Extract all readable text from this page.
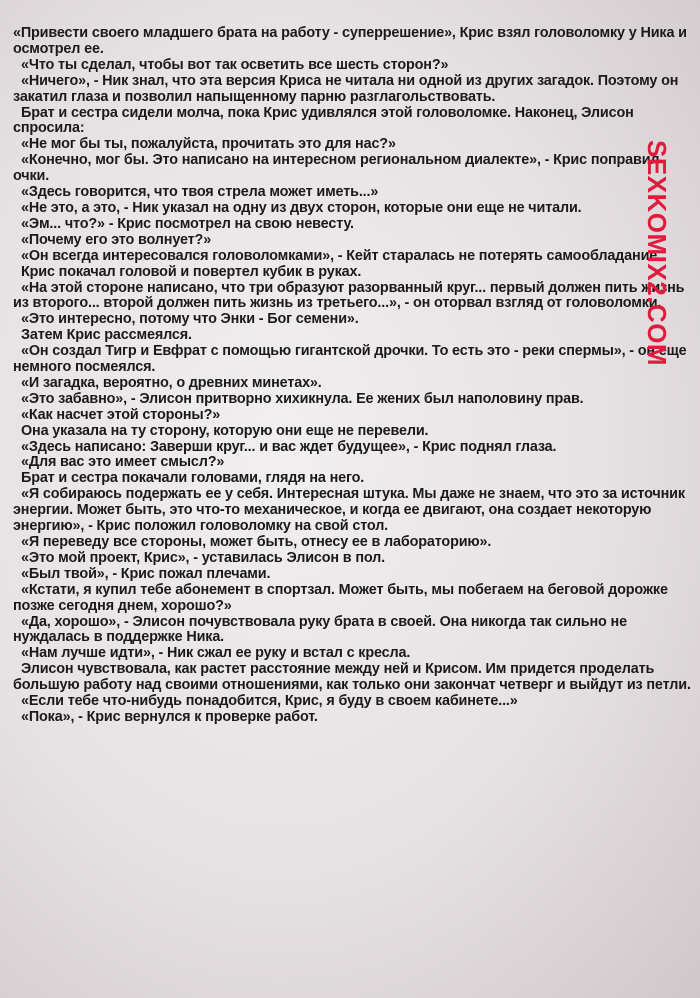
«Привести своего младшего брата на работу - суперрешение», Крис взял головоломку у Ника и осмотрел ее.

«Что ты сделал, чтобы вот так осветить все шесть сторон?»

«Ничего», - Ник знал, что эта версия Криса не читала ни одной из других загадок. Поэтому он закатил глаза и позволил напыщенному парню разглагольствовать.

Брат и сестра сидели молча, пока Крис удивлялся этой головоломке. Наконец, Элисон спросила:

«Не мог бы ты, пожалуйста, прочитать это для нас?»

«Конечно, мог бы. Это написано на интересном региональном диалекте», - Крис поправил очки.

«Здесь говорится, что твоя стрела может иметь...»

«Не это, а это, - Ник указал на одну из двух сторон, которые они еще не читали.

«Эм... что?» - Крис посмотрел на свою невесту.

«Почему его это волнует?»

«Он всегда интересовался головоломками», - Кейт старалась не потерять самообладание.

Крис покачал головой и повертел кубик в руках.

«На этой стороне написано, что три образуют разорванный круг... первый должен пить жизнь из второго... второй должен пить жизнь из третьего...», - он оторвал взгляд от головоломки.

«Это интересно, потому что Энки - Бог семени».

Затем Крис рассмеялся.

«Он создал Тигр и Евфрат с помощью гигантской дрочки. То есть это - реки спермы», - он еще немного посмеялся.

«И загадка, вероятно, о древних минетах».

«Это забавно», - Элисон притворно хихикнула. Ее жених был наполовину прав.

«Как насчет этой стороны?»

Она указала на ту сторону, которую они еще не перевели.

«Здесь написано: Заверши круг... и вас ждет будущее», - Крис поднял глаза.

«Для вас это имеет смысл?»

Брат и сестра покачали головами, глядя на него.

«Я собираюсь подержать ее у себя. Интересная штука. Мы даже не знаем, что это за источник энергии. Может быть, это что-то механическое, и когда ее двигают, она создает некоторую энергию», - Крис положил головоломку на свой стол.

«Я переведу все стороны, может быть, отнесу ее в лабораторию».

«Это мой проект, Крис», - уставилась Элисон в пол.

«Был твой», - Крис пожал плечами.

«Кстати, я купил тебе абонемент в спортзал. Может быть, мы побегаем на беговой дорожке позже сегодня днем, хорошо?»

«Да, хорошо», - Элисон почувствовала руку брата в своей. Она никогда так сильно не нуждалась в поддержке Ника.

«Нам лучше идти», - Ник сжал ее руку и встал с кресла.

Элисон чувствовала, как растет расстояние между ней и Крисом. Им придется проделать большую работу над своими отношениями, как только они закончат четверг и выйдут из петли.

«Если тебе что-нибудь понадобится, Крис, я буду в своем кабинете...»

«Пока», - Крис вернулся к проверке работ.

SEXKOMIX2.COM
